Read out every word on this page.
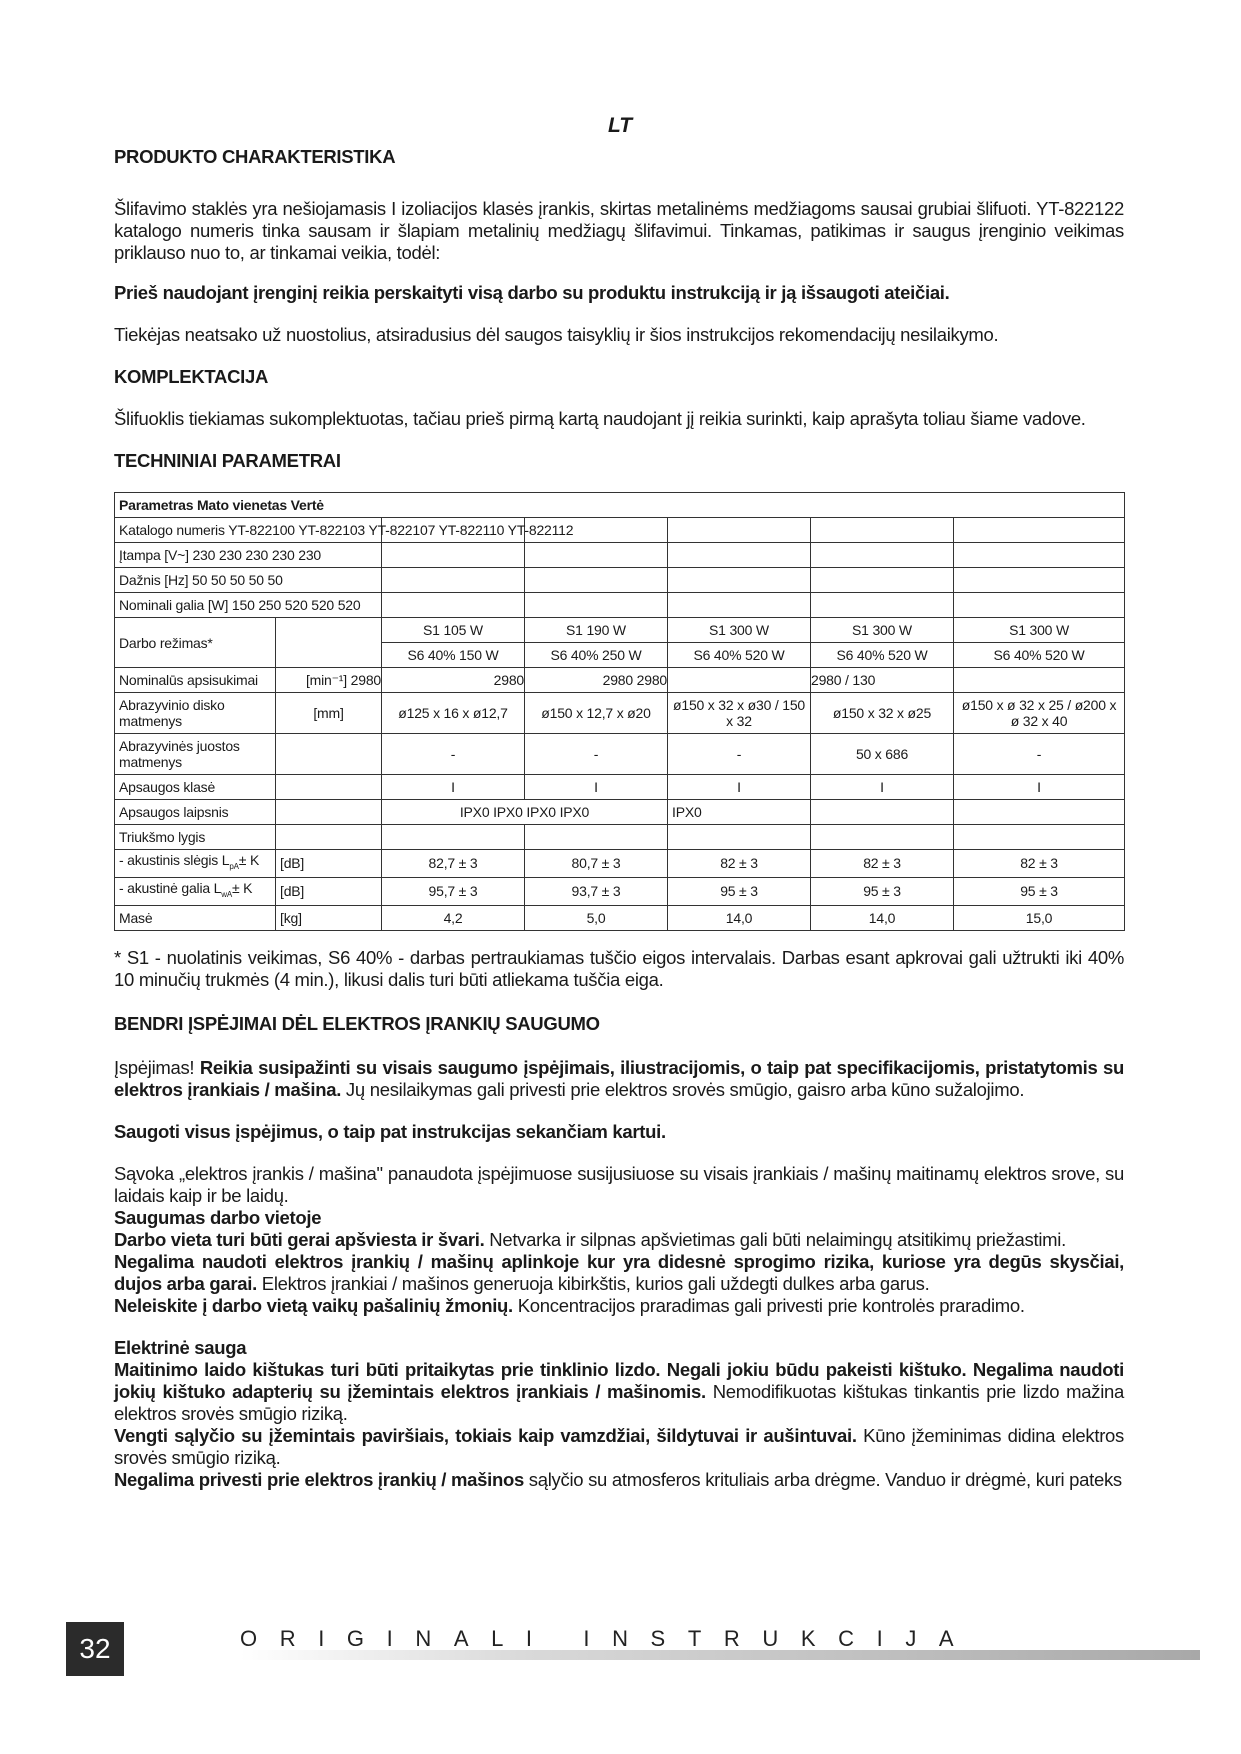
LT
PRODUKTO CHARAKTERISTIKA

Šlifavimo staklės yra nešiojamasis I izoliacijos klasės įrankis, skirtas metalinėms medžiagoms sausai grubiai šlifuoti. YT-822122 katalogo numeris tinka sausam ir šlapiam metalinių medžiagų šlifavimui. Tinkamas, patikimas ir saugus įrenginio veikimas priklauso nuo to, ar tinkamai veikia, todėl:

Prieš naudojant įrenginį reikia perskaityti visą darbo su produktu instrukciją ir ją išsaugoti ateičiai.

Tiekėjas neatsako už nuostolius, atsiradusius dėl saugos taisyklių ir šios instrukcijos rekomendacijų nesilaikymo.

KOMPLEKTACIJA

Šlifuoklis tiekiamas sukomplektuotas, tačiau prieš pirmą kartą naudojant jį reikia surinkti, kaip aprašyta toliau šiame vadove.

TECHNINIAI PARAMETRAI
Parametras Mato vienetas Vertė						
Katalogo numeris YT-822100 YT-822103 YT-822107 YT-822110 YT-822112						
Įtampa [V~] 230 230 230 230 230						
Dažnis [Hz] 50 50 50 50 50						
Nominali galia [W] 150 250 520 520 520						
Darbo režimas*		S1 105 W	S1 190 W	S1 300 W	S1 300 W	S1 300 W
		S6 40% 150 W	S6 40% 250 W	S6 40% 520 W	S6 40% 520 W	S6 40% 520 W
Nominalūs apsisukimai	[min⁻¹] 2980	2980	2980 2980		2980 / 130	
Abrazyvinio disko matmenys	[mm]	ø125 x 16 x ø12,7	ø150 x 12,7 x ø20	ø150 x 32 x ø30 / 150 x 32	ø150 x 32 x ø25	ø150 x ø 32 x 25 / ø200 x ø 32 x 40
Abrazyvinės juostos matmenys		-	-	-	50 x 686	-
Apsaugos klasė		I	I	I	I	I
Apsaugos laipsnis		IPX0 IPX0 IPX0 IPX0		IPX0		
Triukšmo lygis						
- akustinis slėgis $L_{pA}\pm K$	[dB]	82,7 ± 3	80,7 ± 3	82 ± 3	82 ± 3	82 ± 3
- akustinė galia $L_{wA}\pm K$	[dB]	95,7 ± 3	93,7 ± 3	95 ± 3	95 ± 3	95 ± 3
Masė	[kg]	4,2	5,0	14,0	14,0	15,0

* S1 - nuolatinis veikimas, S6 40% - darbas pertraukiamas tuščio eigos intervalais. Darbas esant apkrovai gali užtrukti iki 40% 10 minučių trukmės (4 min.), likusi dalis turi būti atliekama tuščia eiga.

BENDRI ĮSPĖJIMAI DĖL ELEKTROS ĮRANKIŲ SAUGUMO

Įspėjimas! Reikia susipažinti su visais saugumo įspėjimais, iliustracijomis, o taip pat specifikacijomis, pristatytomis su elektros įrankiais / mašina. Jų nesilaikymas gali privesti prie elektros srovės smūgio, gaisro arba kūno sužalojimo.

Saugoti visus įspėjimus, o taip pat instrukcijas sekančiam kartui.

Sąvoka „elektros įrankis / mašina" panaudota įspėjimuose susijusiuose su visais įrankiais / mašinų maitinamų elektros srove, su laidais kaip ir be laidų.

Saugumas darbo vietoje

Darbo vieta turi būti gerai apšviesta ir švari. Netvarka ir silpnas apšvietimas gali būti nelaimingų atsitikimų priežastimi.

Negalima naudoti elektros įrankių / mašinų aplinkoje kur yra didesnė sprogimo rizika, kuriose yra degūs skysčiai, dujos arba garai. Elektros įrankiai / mašinos generuoja kibirkštis, kurios gali uždegti dulkes arba garus.

Neleiskite į darbo vietą vaikų pašalinių žmonių. Koncentracijos praradimas gali privesti prie kontrolės praradimo.

Elektrinė sauga

Maitinimo laido kištukas turi būti pritaikytas prie tinklinio lizdo. Negali jokiu būdu pakeisti kištuko. Negalima naudoti jokių kištuko adapterių su įžemintais elektros įrankiais / mašinomis. Nemodifikuotas kištukas tinkantis prie lizdo mažina elektros srovės smūgio riziką.

Vengti sąlyčio su įžemintais paviršiais, tokiais kaip vamzdžiai, šildytuvai ir aušintuvai. Kūno įžeminimas didina elektros srovės smūgio riziką.

Negalima privesti prie elektros įrankių / mašinos sąlyčio su atmosferos krituliais arba drėgme. Vanduo ir drėgmė, kuri pateks

32	ORIGINALI INSTRUKCIJA
